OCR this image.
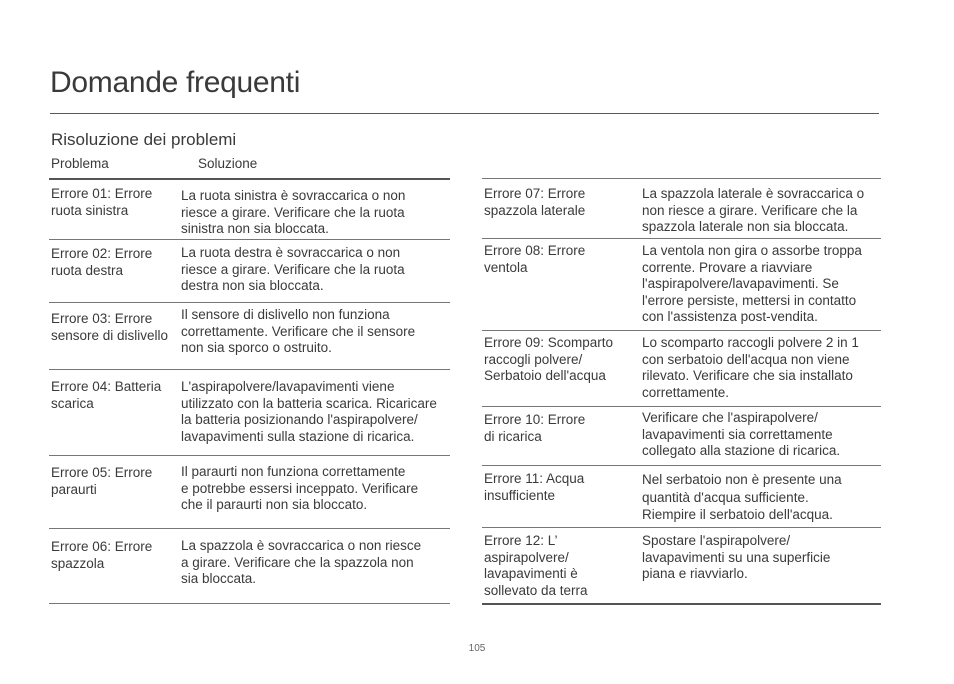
Domande frequenti
Risoluzione dei problemi
Problema	Soluzione
Errore 01: Errore
ruota sinistra
La ruota sinistra è sovraccarica o non
riesce a girare. Verificare che la ruota
sinistra non sia bloccata.
Errore 02: Errore
ruota destra
La ruota destra è sovraccarica o non
riesce a girare. Verificare che la ruota
destra non sia bloccata.
Errore 03: Errore
sensore di dislivello
Il sensore di dislivello non funziona
correttamente. Verificare che il sensore
non sia sporco o ostruito.
Errore 04: Batteria
scarica
L'aspirapolvere/lavapavimenti viene
utilizzato con la batteria scarica. Ricaricare
la batteria posizionando l'aspirapolvere/
lavapavimenti sulla stazione di ricarica.
Errore 05: Errore
paraurti
Il paraurti non funziona correttamente
e potrebbe essersi inceppato. Verificare
che il paraurti non sia bloccato.
Errore 06: Errore
spazzola
La spazzola è sovraccarica o non riesce
a girare. Verificare che la spazzola non
sia bloccata.
Errore 07: Errore
spazzola laterale
La spazzola laterale è sovraccarica o
non riesce a girare. Verificare che la
spazzola laterale non sia bloccata.
Errore 08: Errore
ventola
La ventola non gira o assorbe troppa
corrente. Provare a riavviare
l'aspirapolvere/lavapavimenti. Se
l'errore persiste, mettersi in contatto
con l'assistenza post-vendita.
Errore 09: Scomparto
raccogli polvere/
Serbatoio dell'acqua
Lo scomparto raccogli polvere 2 in 1
con serbatoio dell'acqua non viene
rilevato. Verificare che sia installato
correttamente.
Errore 10: Errore
di ricarica
Verificare che l'aspirapolvere/
lavapavimenti sia correttamente
collegato alla stazione di ricarica.
Errore 11: Acqua
insufficiente
Nel serbatoio non è presente una
quantità d'acqua sufficiente.
Riempire il serbatoio dell'acqua.
Errore 12: L’
aspirapolvere/
lavapavimenti è
sollevato da terra
Spostare l'aspirapolvere/
lavapavimenti su una superficie
piana e riavviarlo.
105
